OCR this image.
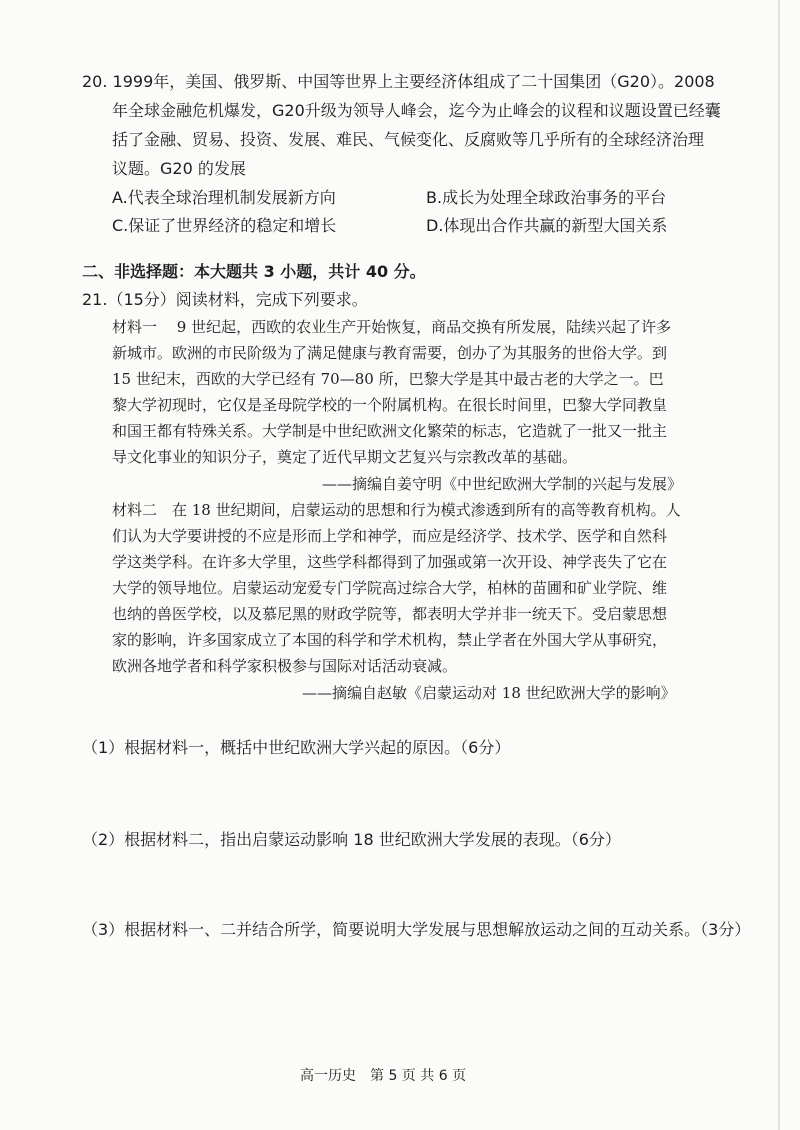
20. 1999年，美国、俄罗斯、中国等世界上主要经济体组成了二十国集团（G20）。2008
年全球金融危机爆发，G20升级为领导人峰会，迄今为止峰会的议程和议题设置已经囊
括了金融、贸易、投资、发展、难民、气候变化、反腐败等几乎所有的全球经济治理
议题。G20 的发展
A.代表全球治理机制发展新方向	B.成长为处理全球政治事务的平台
C.保证了世界经济的稳定和增长	D.体现出合作共赢的新型大国关系
二、非选择题：本大题共 3 小题，共计 40 分。
21.（15分）阅读材料，完成下列要求。
材料一　 9 世纪起，西欧的农业生产开始恢复，商品交换有所发展，陆续兴起了许多
新城市。欧洲的市民阶级为了满足健康与教育需要，创办了为其服务的世俗大学。到
15 世纪末，西欧的大学已经有 70—80 所，巴黎大学是其中最古老的大学之一。巴
黎大学初现时，它仅是圣母院学校的一个附属机构。在很长时间里，巴黎大学同教皇
和国王都有特殊关系。大学制是中世纪欧洲文化繁荣的标志，它造就了一批又一批主
导文化事业的知识分子，奠定了近代早期文艺复兴与宗教改革的基础。
——摘编自姜守明《中世纪欧洲大学制的兴起与发展》
材料二　在 18 世纪期间，启蒙运动的思想和行为模式渗透到所有的高等教育机构。人
们认为大学要讲授的不应是形而上学和神学，而应是经济学、技术学、医学和自然科
学这类学科。在许多大学里，这些学科都得到了加强或第一次开设、神学丧失了它在
大学的领导地位。启蒙运动宠爱专门学院高过综合大学，柏林的苗圃和矿业学院、维
也纳的兽医学校，以及慕尼黑的财政学院等，都表明大学并非一统天下。受启蒙思想
家的影响，许多国家成立了本国的科学和学术机构，禁止学者在外国大学从事研究，
欧洲各地学者和科学家积极参与国际对话活动衰减。
——摘编自赵敏《启蒙运动对 18 世纪欧洲大学的影响》
（1）根据材料一，概括中世纪欧洲大学兴起的原因。（6分）
（2）根据材料二，指出启蒙运动影响 18 世纪欧洲大学发展的表现。（6分）
（3）根据材料一、二并结合所学，简要说明大学发展与思想解放运动之间的互动关系。（3分）
高一历史　第 5 页 共 6 页
